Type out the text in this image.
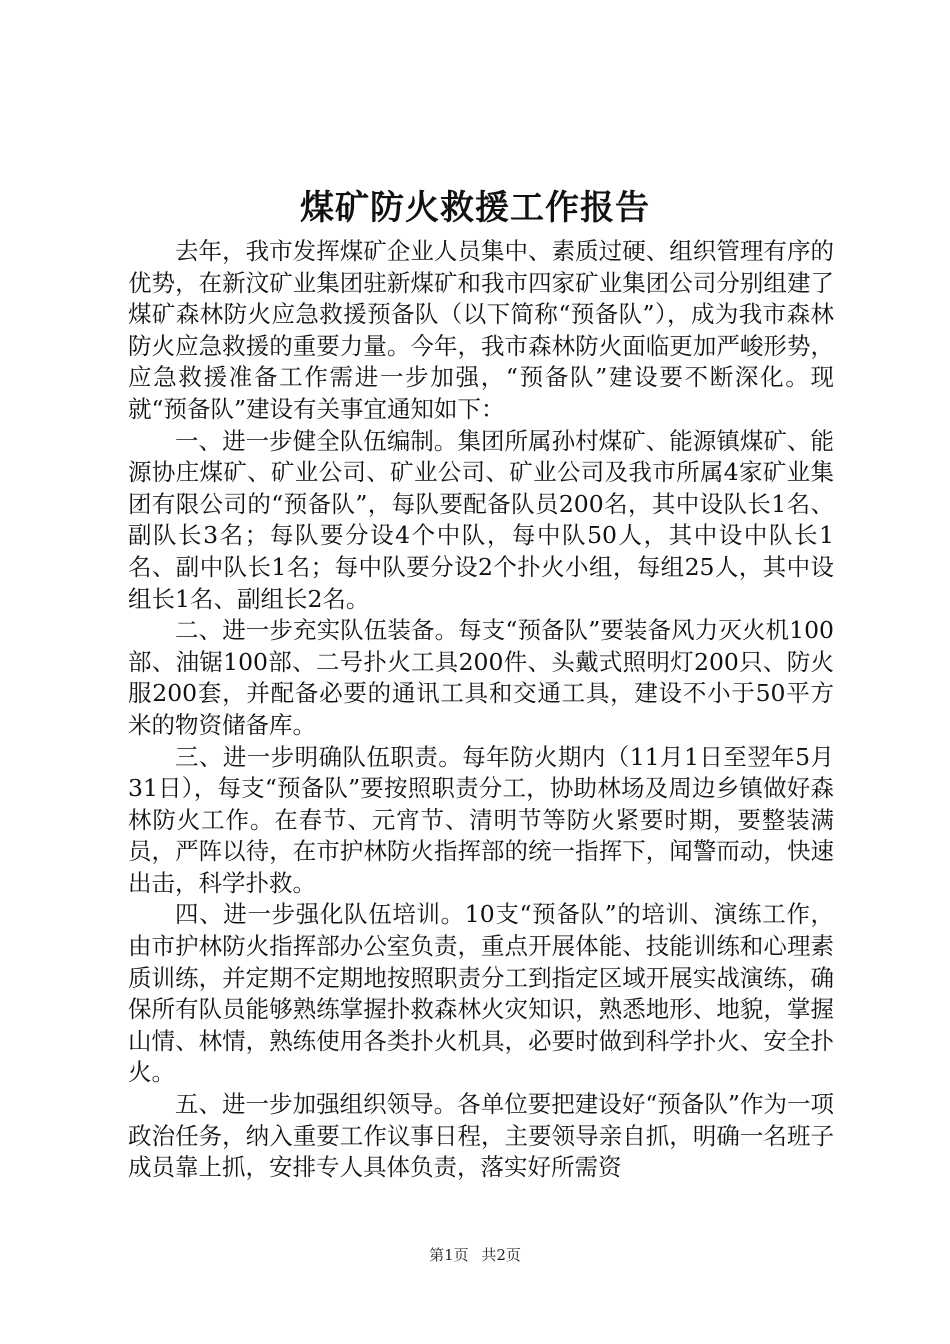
煤矿防火救援工作报告

去年，我市发挥煤矿企业人员集中、素质过硬、组织管理有序的优势，在新汶矿业集团驻新煤矿和我市四家矿业集团公司分别组建了煤矿森林防火应急救援预备队（以下简称“预备队”），成为我市森林防火应急救援的重要力量。今年，我市森林防火面临更加严峻形势，应急救援准备工作需进一步加强，“预备队”建设要不断深化。现就“预备队”建设有关事宜通知如下：

一、进一步健全队伍编制。集团所属孙村煤矿、能源镇煤矿、能源协庄煤矿、矿业公司、矿业公司、矿业公司及我市所属4家矿业集团有限公司的“预备队”，每队要配备队员200名，其中设队长1名、副队长3名；每队要分设4个中队，每中队50人，其中设中队长1名、副中队长1名；每中队要分设2个扑火小组，每组25人，其中设组长1名、副组长2名。

二、进一步充实队伍装备。每支“预备队”要装备风力灭火机100部、油锯100部、二号扑火工具200件、头戴式照明灯200只、防火服200套，并配备必要的通讯工具和交通工具，建设不小于50平方米的物资储备库。

三、进一步明确队伍职责。每年防火期内（11月1日至翌年5月31日），每支“预备队”要按照职责分工，协助林场及周边乡镇做好森林防火工作。在春节、元宵节、清明节等防火紧要时期，要整装满员，严阵以待，在市护林防火指挥部的统一指挥下，闻警而动，快速出击，科学扑救。

四、进一步强化队伍培训。10支“预备队”的培训、演练工作，由市护林防火指挥部办公室负责，重点开展体能、技能训练和心理素质训练，并定期不定期地按照职责分工到指定区域开展实战演练，确保所有队员能够熟练掌握扑救森林火灾知识，熟悉地形、地貌，掌握山情、林情，熟练使用各类扑火机具，必要时做到科学扑火、安全扑火。

五、进一步加强组织领导。各单位要把建设好“预备队”作为一项政治任务，纳入重要工作议事日程，主要领导亲自抓，明确一名班子成员靠上抓，安排专人具体负责，落实好所需资

第1页 共2页
